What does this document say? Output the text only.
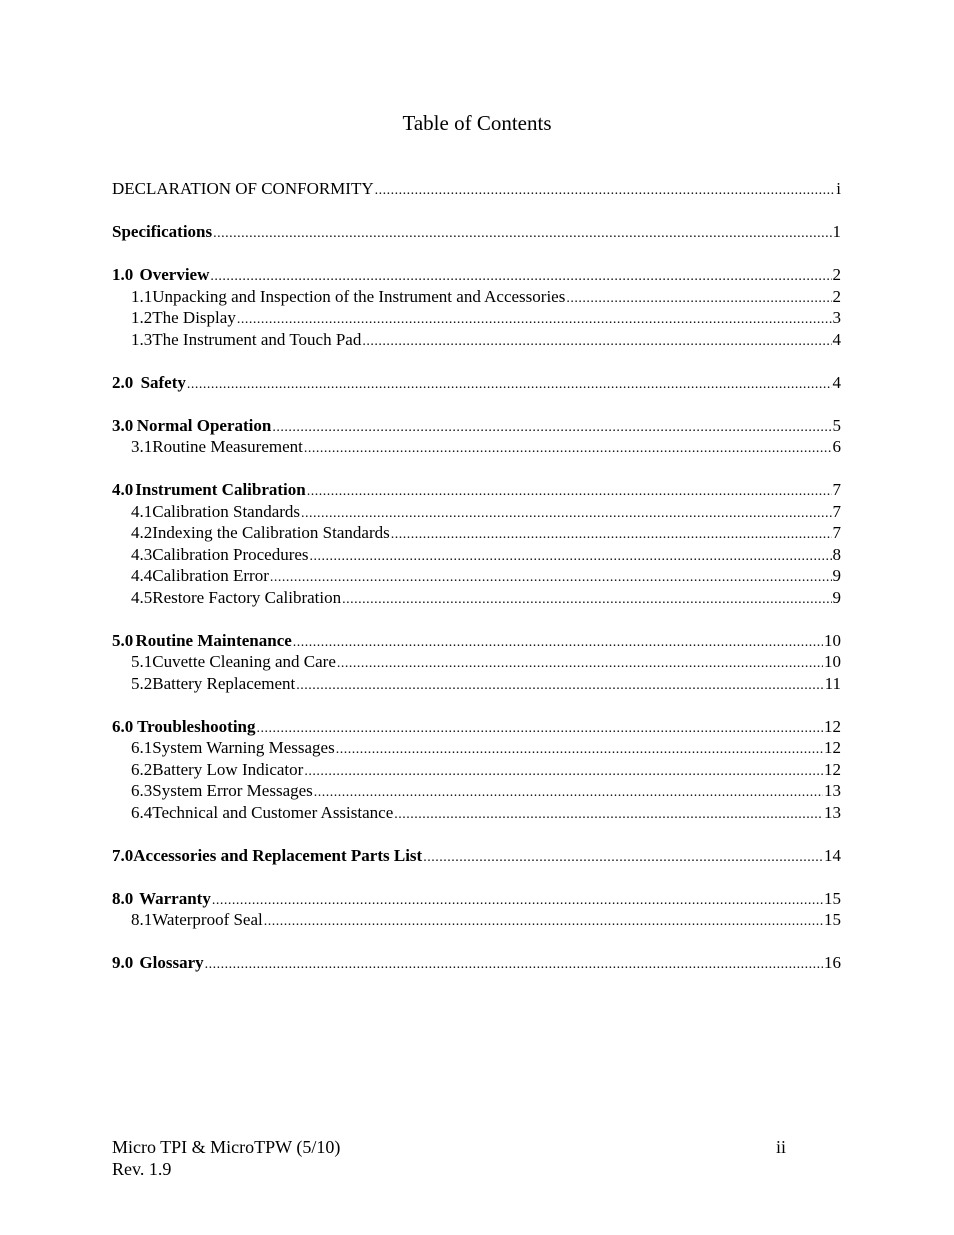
Table of Contents
DECLARATION OF CONFORMITY .....	i
Specifications .....	1
1.0 Overview .....	2
1.1 Unpacking and Inspection of the Instrument and Accessories .....	2
1.2 The Display .....	3
1.3 The Instrument and Touch Pad .....	4
2.0 Safety .....	4
3.0 Normal Operation .....	5
3.1 Routine Measurement .....	6
4.0 Instrument Calibration .....	7
4.1 Calibration Standards .....	7
4.2 Indexing the Calibration Standards .....	7
4.3 Calibration Procedures .....	8
4.4 Calibration Error .....	9
4.5 Restore Factory Calibration .....	9
5.0 Routine Maintenance .....	10
5.1 Cuvette Cleaning and Care .....	10
5.2 Battery Replacement .....	11
6.0 Troubleshooting .....	12
6.1 System Warning Messages .....	12
6.2 Battery Low Indicator .....	12
6.3 System Error Messages .....	13
6.4 Technical and Customer Assistance .....	13
7.0 Accessories and Replacement Parts List .....	14
8.0 Warranty .....	15
8.1 Waterproof Seal .....	15
9.0 Glossary .....	16
Micro TPI & MicroTPW (5/10)
Rev. 1.9
ii
